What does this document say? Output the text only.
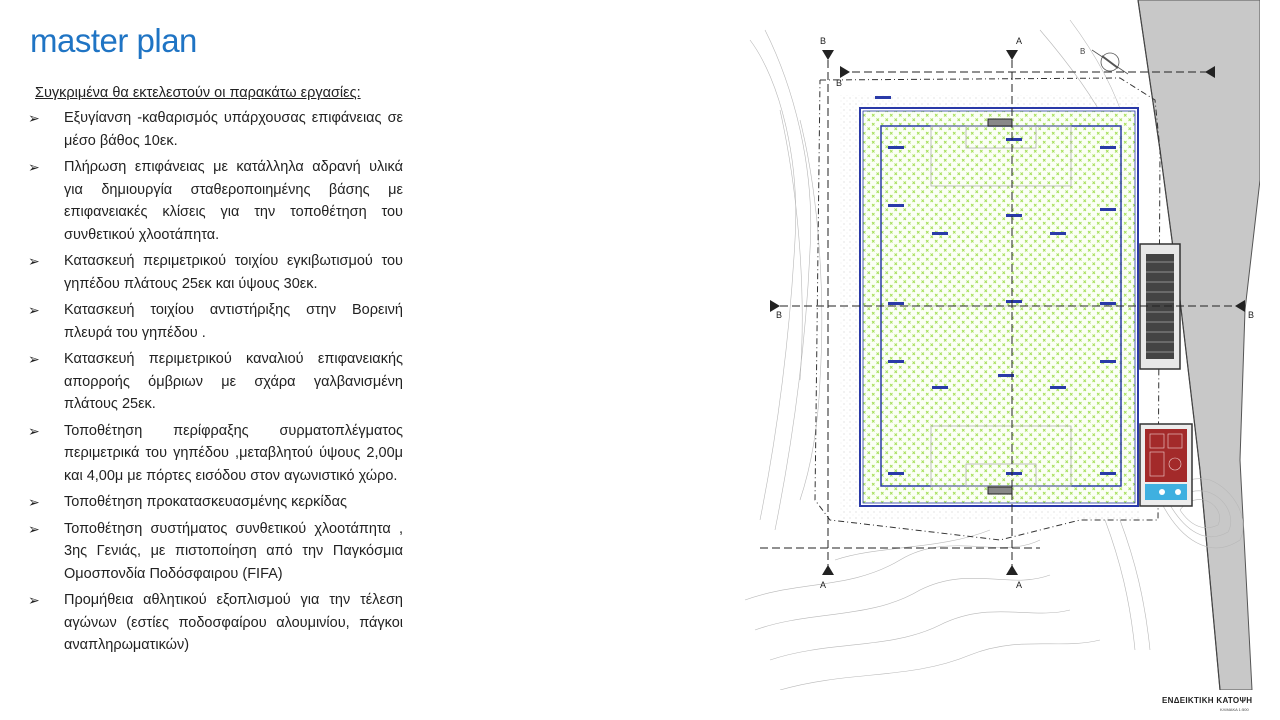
master plan
Συγκριμένα θα εκτελεστούν οι παρακάτω εργασίες:
➢	Εξυγίανση -καθαρισμός υπάρχουσας επιφάνειας σε μέσο βάθος 10εκ.
➢	Πλήρωση επιφάνειας με κατάλληλα αδρανή υλικά για δημιουργία σταθεροποιημένης βάσης με επιφανειακές κλίσεις για την τοποθέτηση του συνθετικού χλοοτάπητα.
➢	Κατασκευή περιμετρικού τοιχίου εγκιβωτισμού του γηπέδου πλάτους 25εκ και ύψους 30εκ.
➢	Κατασκευή τοιχίου αντιστήριξης στην Βορεινή πλευρά του γηπέδου .
➢	Κατασκευή περιμετρικού καναλιού επιφανειακής απορροής όμβριων με σχάρα γαλβανισμένη πλάτους 25εκ.
➢	Τοποθέτηση περίφραξης συρματοπλέγματος περιμετρικά του γηπέδου ,μεταβλητού ύψους 2,00μ και 4,00μ με πόρτες εισόδου στον αγωνιστικό χώρο.
➢	Τοποθέτηση προκατασκευασμένης κερκίδας
➢	Τοποθέτηση συστήματος συνθετικού χλοοτάπητα , 3ης Γενιάς, με πιστοποίηση από την Παγκόσμια Ομοσπονδία Ποδόσφαιρου (FIFA)
➢	Προμήθεια αθλητικού εξοπλισμού για την τέλεση αγώνων (εστίες ποδοσφαίρου αλουμινίου, πάγκοι αναπληρωματικών)
Β	Α
Β	Β
Β
Α	Α
Β
ΕΝΔΕΙΚΤΙΚΗ ΚΑΤΟΨΗ
ΚΛΙΜΑΚΑ 1:500
